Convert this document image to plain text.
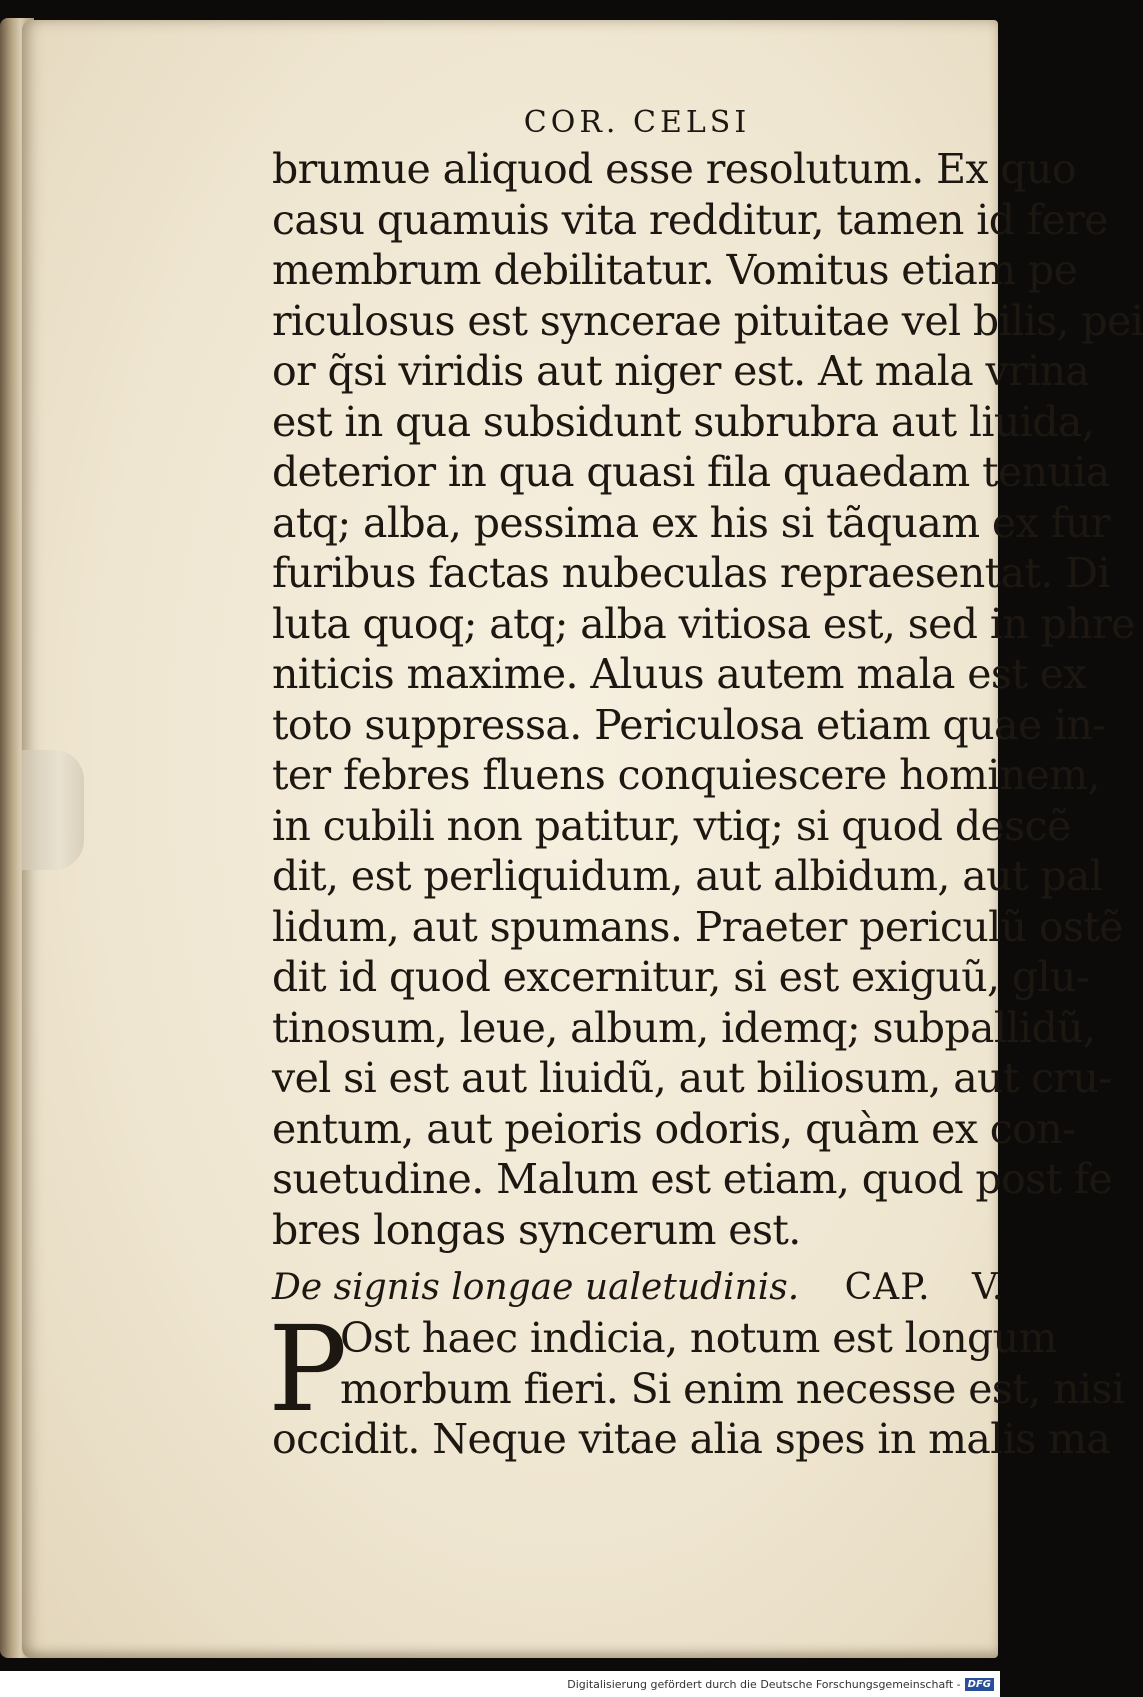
COR. CELSI
brumue aliquod esse resolutum. Ex quo
casu quamuis vita redditur, tamen id fere
membrum debilitatur. Vomitus etiam pe
riculosus est syncerae pituitae vel bilis, pei
or q̃si viridis aut niger est. At mala vrina
est in qua subsidunt subrubra aut liuida,
deterior in qua quasi fila quaedam tenuia
atq; alba, pessima ex his si tãquam ex fur
furibus factas nubeculas repraesentat. Di
luta quoq; atq; alba vitiosa est, sed in phre
niticis maxime. Aluus autem mala est ex
toto suppressa. Periculosa etiam quae in-
ter febres fluens conquiescere hominem,
in cubili non patitur, vtiq; si quod descẽ
dit, est perliquidum, aut albidum, aut pal
lidum, aut spumans. Praeter periculũ ostẽ
dit id quod excernitur, si est exiguũ, glu-
tinosum, leue, album, idemq; subpallidũ,
vel si est aut liuidũ, aut biliosum, aut cru-
entum, aut peioris odoris, quàm ex con-
suetudine. Malum est etiam, quod post fe
bres longas syncerum est.
De signis longae ualetudinis. CAP. V.
P
Ost haec indicia, notum est longum
morbum fieri. Si enim necesse est, nisi
occidit. Neque vitae alia spes in malis ma
Digitalisierung gefördert durch die Deutsche Forschungsgemeinschaft - DFG
